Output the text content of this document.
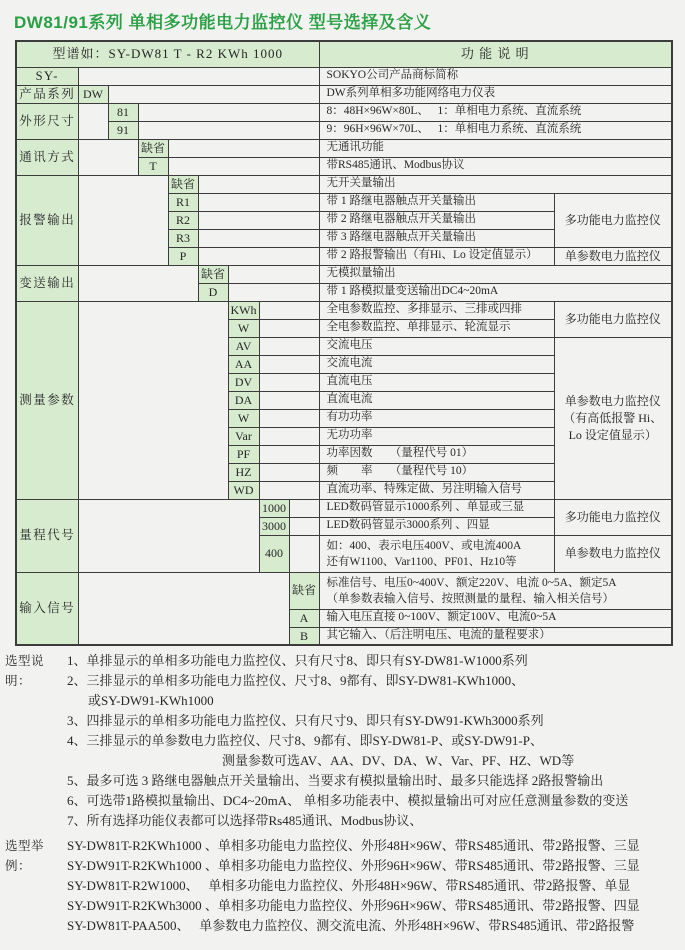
DW81/91系列 单相多功能电力监控仪 型号选择及含义
型谱如：SY-DW81 T - R2 KWh 1000									功 能 说 明	
SY-									SOKYO公司产品商标简称	
产品系列	DW								DW系列单相多功能网络电力仪表	
外形尺寸		81							8：48H×96W×80L、　 1：单相电力系统、直流系统	
		91							9：96H×96W×70L、　 1：单相电力系统、直流系统	
通讯方式			缺省						无通讯功能	
			T						带RS485通讯、Modbus协议	
报警输出				缺省					无开关量输出	
				R1					带 1 路继电器触点开关量输出	多功能电力监控仪
				R2					带 2 路继电器触点开关量输出	
				R3					带 3 路继电器触点开关量输出	
				P					带 2 路报警输出（有Hi、Lo 设定值显示）	单参数电力监控仪
变送输出					缺省				无模拟量输出	
					D				带 1 路模拟量变送输出DC4~20mA	
测量参数						KWh			全电参数监控、多排显示、三排或四排	多功能电力监控仪
						W			全电参数监控、单排显示、轮流显示	
						AV			交流电压	单参数电力监控仪
（有高低报警 Hi、
Lo 设定值显示）

						AA			交流电流	
						DV			直流电压	
						DA			直流电流	
						W			有功功率	
						Var			无功功率	
						PF			功率因数　　（量程代号 01）	
						HZ			频　　率　　（量程代号 10）	
						WD			直流功率、特殊定做、另注明输入信号	
量程代号							1000		LED数码管显示1000系列 、单显或三显	多功能电力监控仪
							3000		LED数码管显示3000系列 、四显	
							400		如：400、表示电压400V、或电流400A
还有W1100、Var1100、PF01、Hz10等	单参数电力监控仪
输入信号								缺省	标准信号、电压0~400V、额定220V、电流 0~5A、额定5A
（单参数表输入信号、按照测量的量程、输入相关信号）	

								A	输入电压直接 0~100V、额定100V、电流0~5A	
								B	其它输入、（后注明电压、电流的量程要求）	
选型说明：
1、单排显示的单相多功能电力监控仪、只有尺寸8、即只有SY-DW81-W1000系列
2、三排显示的单相多功能电力监控仪、尺寸8、9都有、即SY-DW81-KWh1000、
或SY-DW91-KWh1000
3、四排显示的单相多功能电力监控仪、只有尺寸9、即只有SY-DW91-KWh3000系列
4、三排显示的单参数电力监控仪、尺寸8、9都有、即SY-DW81-P、或SY-DW91-P、
测量参数可选AV、AA、DV、DA、W、Var、PF、HZ、WD等
5、最多可选 3 路继电器触点开关量输出、当要求有模拟量输出时、最多只能选择 2路报警输出
6、可选带1路模拟量输出、DC4~20mA、 单相多功能表中、模拟量输出可对应任意测量参数的变送
7、所有选择功能仪表都可以选择带Rs485通讯、Modbus协议、
选型举例：
SY-DW81T-R2KWh1000 、单相多功能电力监控仪、外形48H×96W、带RS485通讯、带2路报警、三显
SY-DW91T-R2KWh1000 、单相多功能电力监控仪、外形96H×96W、带RS485通讯、带2路报警、三显
SY-DW81T-R2W1000、　 单相多功能电力监控仪、外形48H×96W、带RS485通讯、带2路报警、单显
SY-DW91T-R2KWh3000 、单相多功能电力监控仪、外形96H×96W、带RS485通讯、带2路报警、四显
SY-DW81T-PAA500、　 单参数电力监控仪、测交流电流、外形48H×96W、带RS485通讯、带2路报警
